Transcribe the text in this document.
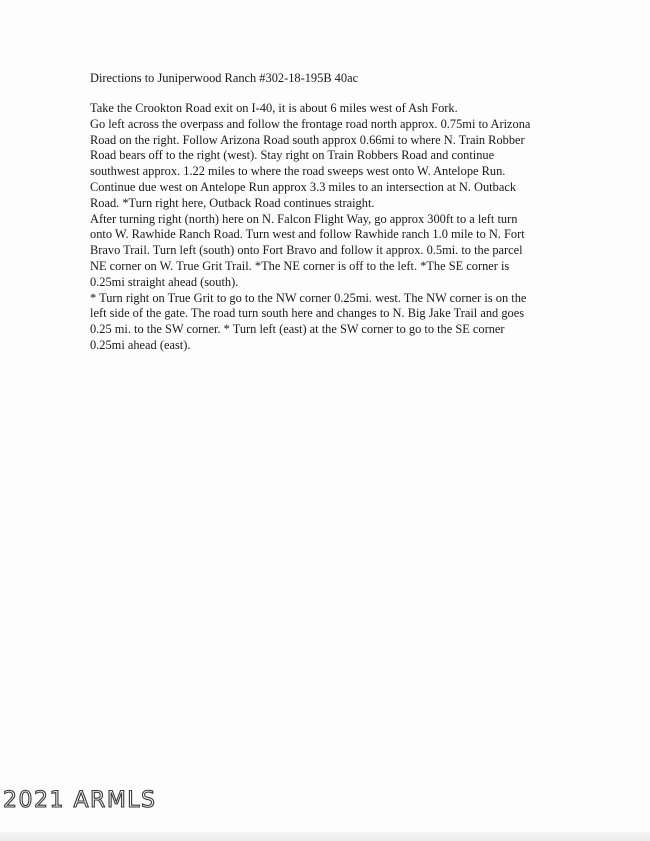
Directions to Juniperwood Ranch #302-18-195B 40ac
Take the Crookton Road exit on I-40, it is about 6 miles west of Ash Fork.
Go left across the overpass and follow the frontage road north approx. 0.75mi to Arizona
Road on the right. Follow Arizona Road south approx 0.66mi to where N. Train Robber
Road bears off to the right (west). Stay right on Train Robbers Road and continue
southwest approx. 1.22 miles to where the road sweeps west onto W. Antelope Run.
Continue due west on Antelope Run approx 3.3 miles to an intersection at N. Outback
Road. *Turn right here, Outback Road continues straight.
After turning right (north) here on N. Falcon Flight Way, go approx 300ft to a left turn
onto W. Rawhide Ranch Road. Turn west and follow Rawhide ranch 1.0 mile to N. Fort
Bravo Trail. Turn left (south) onto Fort Bravo and follow it approx. 0.5mi. to the parcel
NE corner on W. True Grit Trail. *The NE corner is off to the left. *The SE corner is
0.25mi straight ahead (south).
* Turn right on True Grit to go to the NW corner 0.25mi. west. The NW corner is on the
left side of the gate. The road turn south here and changes to N. Big Jake Trail and goes
0.25 mi. to the SW corner. * Turn left (east) at the SW corner to go to the SE corner
0.25mi ahead (east).
2021 ARMLS
